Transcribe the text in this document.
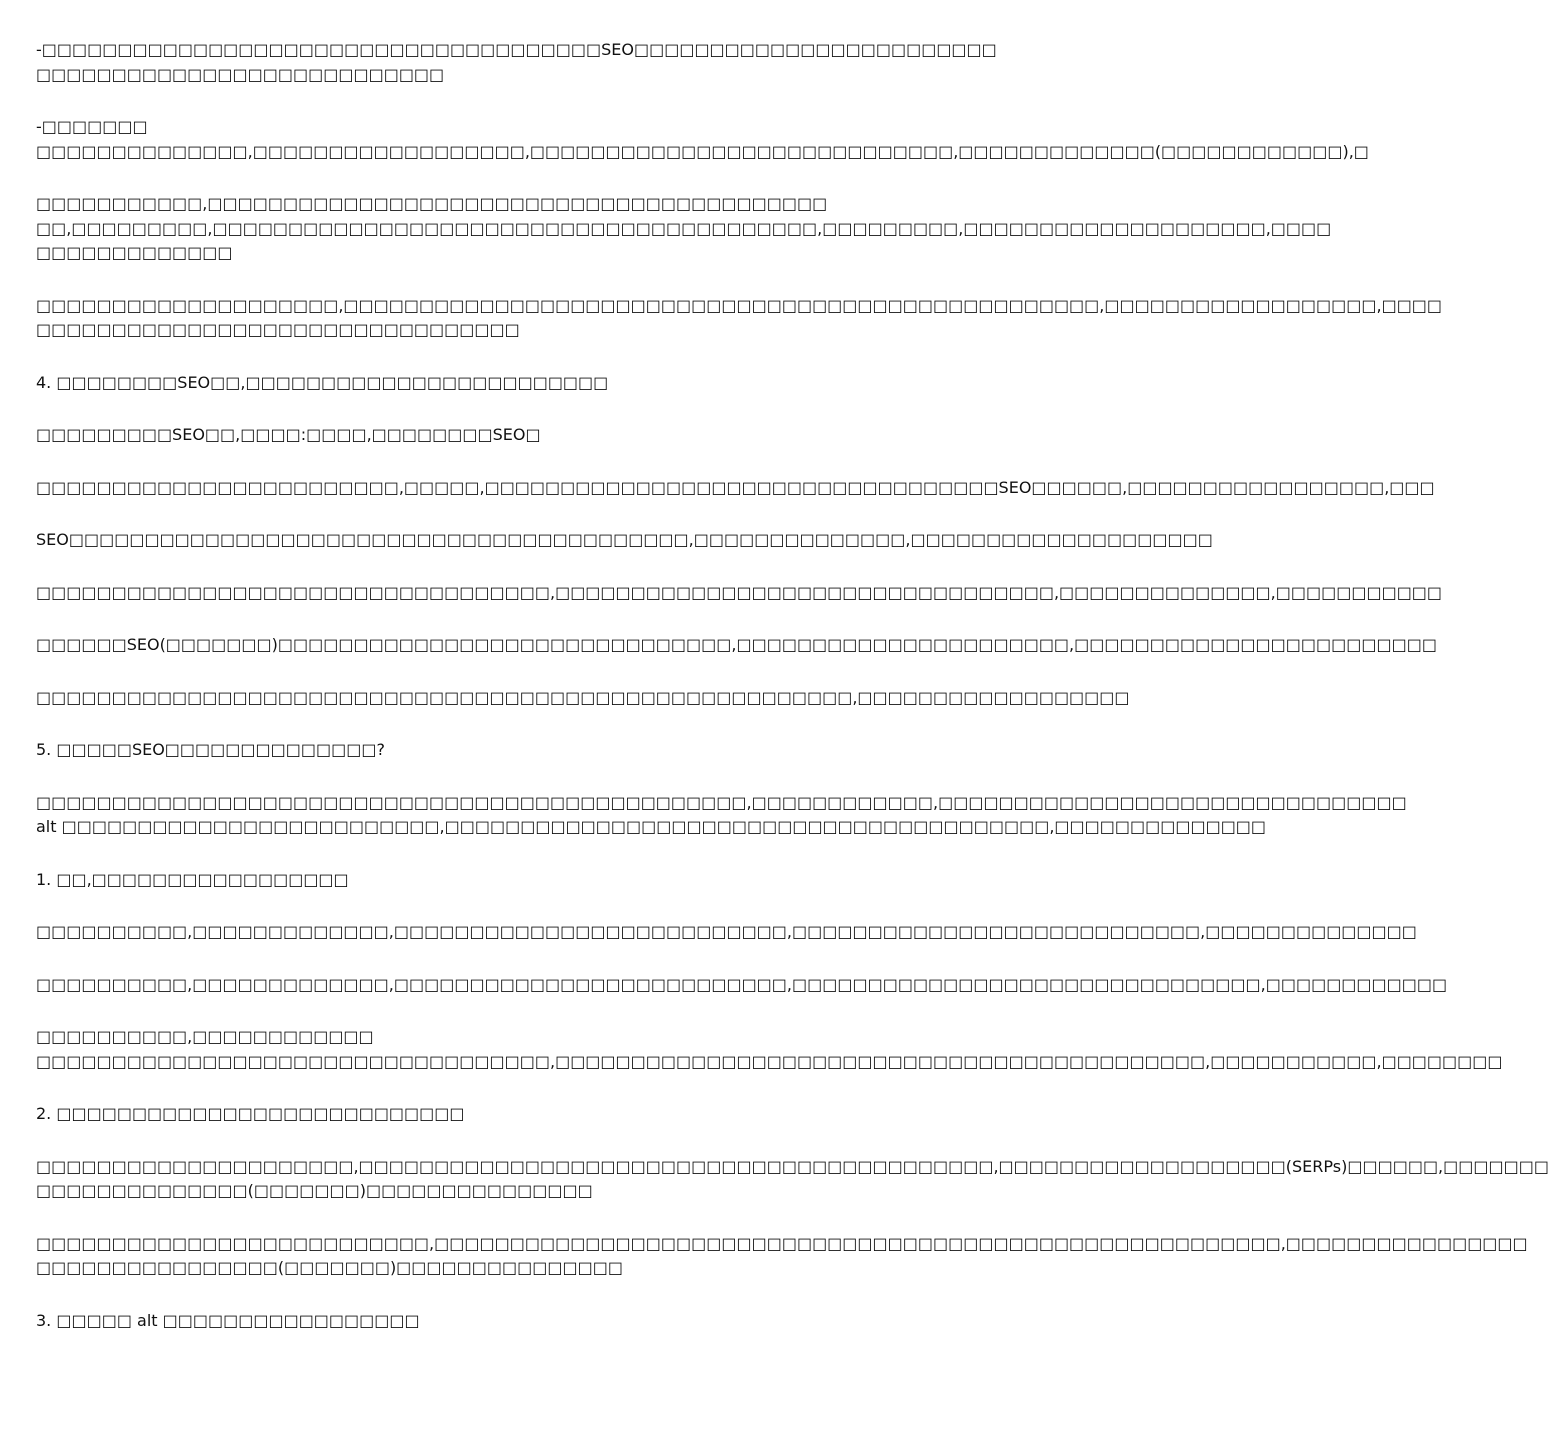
-□□□□□□□□□□□□□□□□□□□□□□□□□□□□□□□□□□□□□SEO□□□□□□□□□□□□□□□□□□□□□□□□
□□□□□□□□□□□□□□□□□□□□□□□□□□□
-□□□□□□□
□□□□□□□□□□□□□□,□□□□□□□□□□□□□□□□□□,□□□□□□□□□□□□□□□□□□□□□□□□□□□□,□□□□□□□□□□□□□(□□□□□□□□□□□□),□
□□□□□□□□□□□,□□□□□□□□□□□□□□□□□□□□□□□□□□□□□□□□□□□□□□□□□
□□,□□□□□□□□□,□□□□□□□□□□□□□□□□□□□□□□□□□□□□□□□□□□□□□□□□,□□□□□□□□□,□□□□□□□□□□□□□□□□□□□□,□□□□
□□□□□□□□□□□□□
□□□□□□□□□□□□□□□□□□□□,□□□□□□□□□□□□□□□□□□□□□□□□□□□□□□□□□□□□□□□□□□□□□□□□□□,□□□□□□□□□□□□□□□□□□,□□□□
□□□□□□□□□□□□□□□□□□□□□□□□□□□□□□□□
4. □□□□□□□□SEO□□,□□□□□□□□□□□□□□□□□□□□□□□□
□□□□□□□□□SEO□□,□□□□:□□□□,□□□□□□□□SEO□
□□□□□□□□□□□□□□□□□□□□□□□□,□□□□□,□□□□□□□□□□□□□□□□□□□□□□□□□□□□□□□□□□SEO□□□□□□,□□□□□□□□□□□□□□□□□,□□□
SEO□□□□□□□□□□□□□□□□□□□□□□□□□□□□□□□□□□□□□□□□□,□□□□□□□□□□□□□□,□□□□□□□□□□□□□□□□□□□□
□□□□□□□□□□□□□□□□□□□□□□□□□□□□□□□□□□,□□□□□□□□□□□□□□□□□□□□□□□□□□□□□□□□□,□□□□□□□□□□□□□□,□□□□□□□□□□□
□□□□□□SEO(□□□□□□□)□□□□□□□□□□□□□□□□□□□□□□□□□□□□□□,□□□□□□□□□□□□□□□□□□□□□□,□□□□□□□□□□□□□□□□□□□□□□□□
□□□□□□□□□□□□□□□□□□□□□□□□□□□□□□□□□□□□□□□□□□□□□□□□□□□□□□,□□□□□□□□□□□□□□□□□□
5. □□□□□SEO□□□□□□□□□□□□□□?
□□□□□□□□□□□□□□□□□□□□□□□□□□□□□□□□□□□□□□□□□□□□□□□,□□□□□□□□□□□□,□□□□□□□□□□□□□□□□□□□□□□□□□□□□□□□
alt □□□□□□□□□□□□□□□□□□□□□□□□□,□□□□□□□□□□□□□□□□□□□□□□□□□□□□□□□□□□□□□□□□,□□□□□□□□□□□□□□
1. □□,□□□□□□□□□□□□□□□□□
□□□□□□□□□□,□□□□□□□□□□□□□,□□□□□□□□□□□□□□□□□□□□□□□□□□,□□□□□□□□□□□□□□□□□□□□□□□□□□□,□□□□□□□□□□□□□□
□□□□□□□□□□,□□□□□□□□□□□□□,□□□□□□□□□□□□□□□□□□□□□□□□□□,□□□□□□□□□□□□□□□□□□□□□□□□□□□□□□□,□□□□□□□□□□□□
□□□□□□□□□□,□□□□□□□□□□□□
□□□□□□□□□□□□□□□□□□□□□□□□□□□□□□□□□□,□□□□□□□□□□□□□□□□□□□□□□□□□□□□□□□□□□□□□□□□□□□,□□□□□□□□□□□,□□□□□□□□
2. □□□□□□□□□□□□□□□□□□□□□□□□□□□
□□□□□□□□□□□□□□□□□□□□□,□□□□□□□□□□□□□□□□□□□□□□□□□□□□□□□□□□□□□□□□□□,□□□□□□□□□□□□□□□□□□□(SERPs)□□□□□□,□□□□□□□
□□□□□□□□□□□□□□(□□□□□□□)□□□□□□□□□□□□□□□
□□□□□□□□□□□□□□□□□□□□□□□□□□,□□□□□□□□□□□□□□□□□□□□□□□□□□□□□□□□□□□□□□□□□□□□□□□□□□□□□□□□,□□□□□□□□□□□□□□□□
□□□□□□□□□□□□□□□□(□□□□□□□)□□□□□□□□□□□□□□□
3. □□□□□ alt □□□□□□□□□□□□□□□□□
